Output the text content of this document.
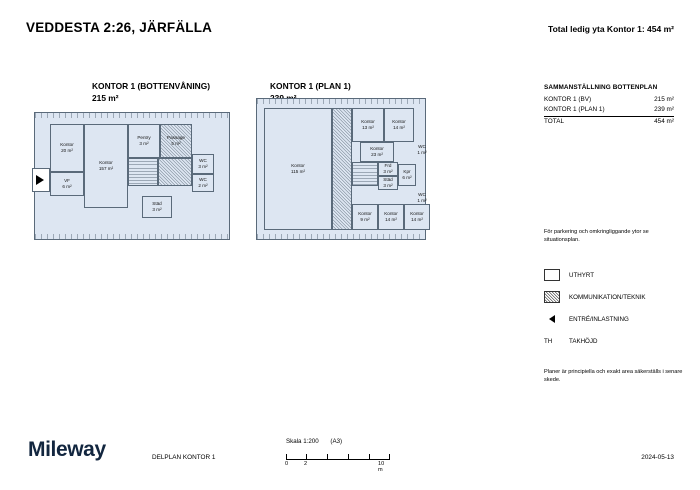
VEDDESTA 2:26, JÄRFÄLLA	Total ledig yta Kontor 1: 454 m²
KONTOR 1 (BOTTENVÅNING)
215 m²
KONTOR 1 (PLAN 1)
Kontor
20 m²
Kontor
157 m²
Pentry
3 m²
Passage
5 m²
VF
6 m²
WC
3 m²
WC
2 m²
Städ
3 m²
Kontor
115 m²
Kontor
13 m²
Kontor
14 m²
Kontor
23 m²
Frd
3 m²
Städ
3 m²
Kpr
6 m²
WC
1 m²
WC
1 m²
Kontor
9 m²
Kontor
14 m²
Kontor
14 m²
SAMMANSTÄLLNING BOTTENPLAN
KONTOR 1 (BV)	215 m²
KONTOR 1 (PLAN 1)	239 m²
TOTAL	454 m²
För parkering och omkringliggande ytor se situationsplan.
UTHYRT
KOMMUNIKATION/TEKNIK
ENTRÉ/INLASTNING
TH	TAKHÖJD
Planer är principiella och exakt area säkerställs i senare skede.
Mileway	DELPLAN KONTOR 1
Skala 1:200 (A3)
0	2	10 m
2024-05-13
